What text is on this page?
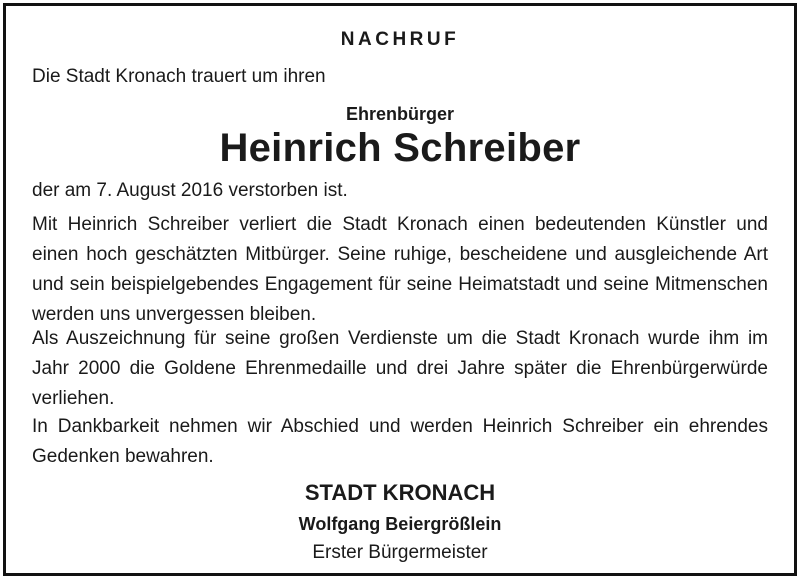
NACHRUF
Die Stadt Kronach trauert um ihren
Ehrenbürger
Heinrich Schreiber
der am 7. August 2016 verstorben ist.

Mit Heinrich Schreiber verliert die Stadt Kronach einen bedeutenden Künstler und einen hoch geschätzten Mitbürger. Seine ruhige, bescheidene und ausgleichende Art und sein beispielgebendes Engagement für seine Heimatstadt und seine Mitmenschen werden uns unvergessen bleiben.

Als Auszeichnung für seine großen Verdienste um die Stadt Kronach wurde ihm im Jahr 2000 die Goldene Ehrenmedaille und drei Jahre später die Ehrenbürgerwürde verliehen.

In Dankbarkeit nehmen wir Abschied und werden Heinrich Schreiber ein ehrendes Gedenken bewahren.

STADT KRONACH
Wolfgang Beiergrößlein
Erster Bürgermeister
